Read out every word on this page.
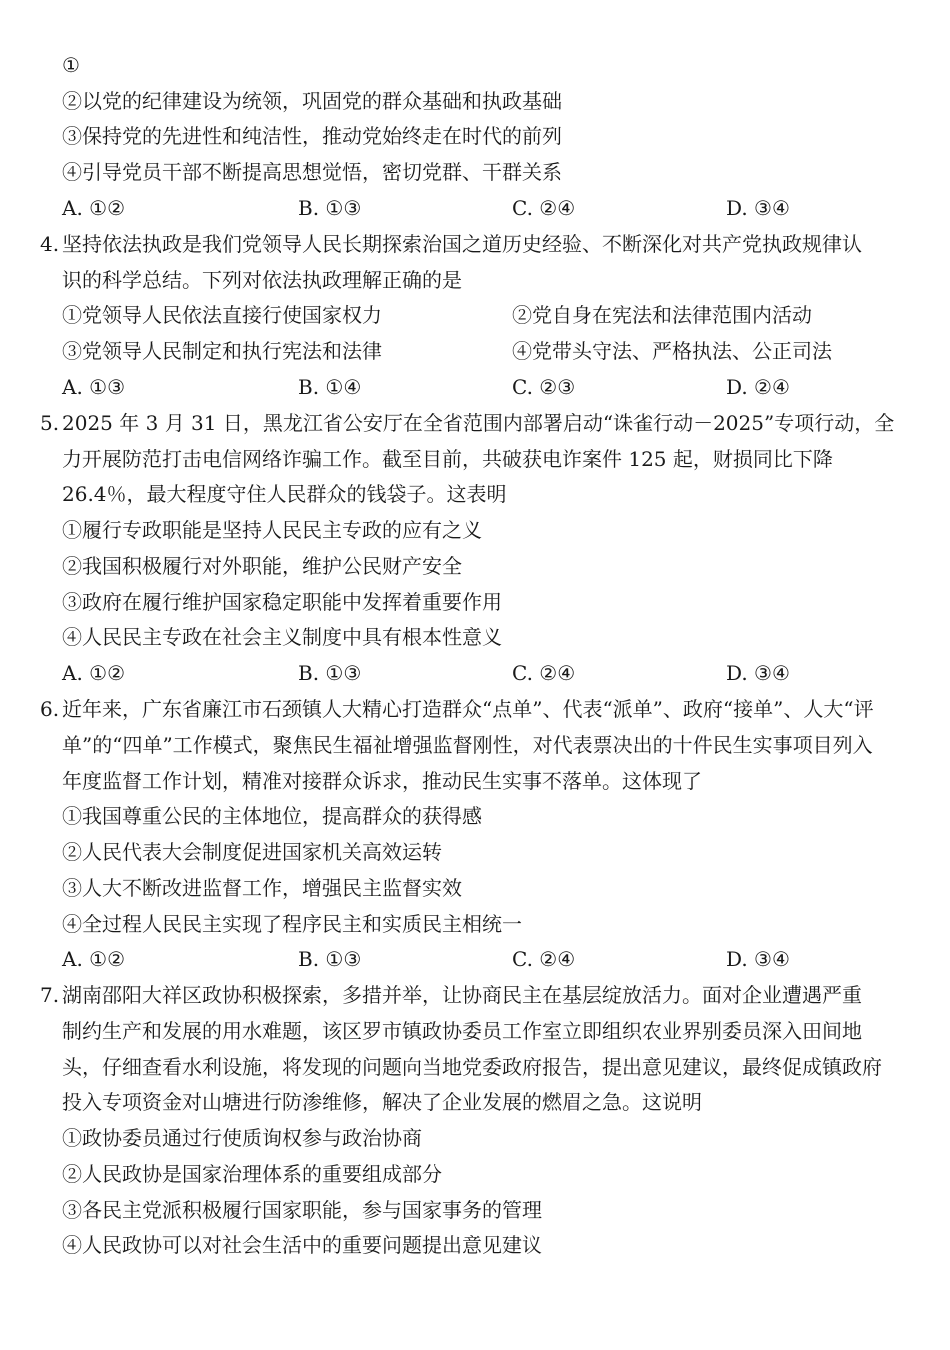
①
②以党的纪律建设为统领，巩固党的群众基础和执政基础
③保持党的先进性和纯洁性，推动党始终走在时代的前列
④引导党员干部不断提高思想觉悟，密切党群、干群关系
A. ①②	B. ①③	C. ②④	D. ③④
4. 坚持依法执政是我们党领导人民长期探索治国之道历史经验、不断深化对共产党执政规律认
识的科学总结。下列对依法执政理解正确的是
①党领导人民依法直接行使国家权力	②党自身在宪法和法律范围内活动
③党领导人民制定和执行宪法和法律	④党带头守法、严格执法、公正司法
A. ①③	B. ①④	C. ②③	D. ②④
5. 2025 年 3 月 31 日，黑龙江省公安厅在全省范围内部署启动“诛雀行动－2025”专项行动，全
力开展防范打击电信网络诈骗工作。截至目前，共破获电诈案件 125 起，财损同比下降
26.4％，最大程度守住人民群众的钱袋子。这表明
①履行专政职能是坚持人民民主专政的应有之义
②我国积极履行对外职能，维护公民财产安全
③政府在履行维护国家稳定职能中发挥着重要作用
④人民民主专政在社会主义制度中具有根本性意义
A. ①②	B. ①③	C. ②④	D. ③④
6. 近年来，广东省廉江市石颈镇人大精心打造群众“点单”、代表“派单”、政府“接单”、人大“评
单”的“四单”工作模式，聚焦民生福祉增强监督刚性，对代表票决出的十件民生实事项目列入
年度监督工作计划，精准对接群众诉求，推动民生实事不落单。这体现了
①我国尊重公民的主体地位，提高群众的获得感
②人民代表大会制度促进国家机关高效运转
③人大不断改进监督工作，增强民主监督实效
④全过程人民民主实现了程序民主和实质民主相统一
A. ①②	B. ①③	C. ②④	D. ③④
7. 湖南邵阳大祥区政协积极探索，多措并举，让协商民主在基层绽放活力。面对企业遭遇严重
制约生产和发展的用水难题，该区罗市镇政协委员工作室立即组织农业界别委员深入田间地
头，仔细查看水利设施，将发现的问题向当地党委政府报告，提出意见建议，最终促成镇政府
投入专项资金对山塘进行防渗维修，解决了企业发展的燃眉之急。这说明
①政协委员通过行使质询权参与政治协商
②人民政协是国家治理体系的重要组成部分
③各民主党派积极履行国家职能，参与国家事务的管理
④人民政协可以对社会生活中的重要问题提出意见建议
